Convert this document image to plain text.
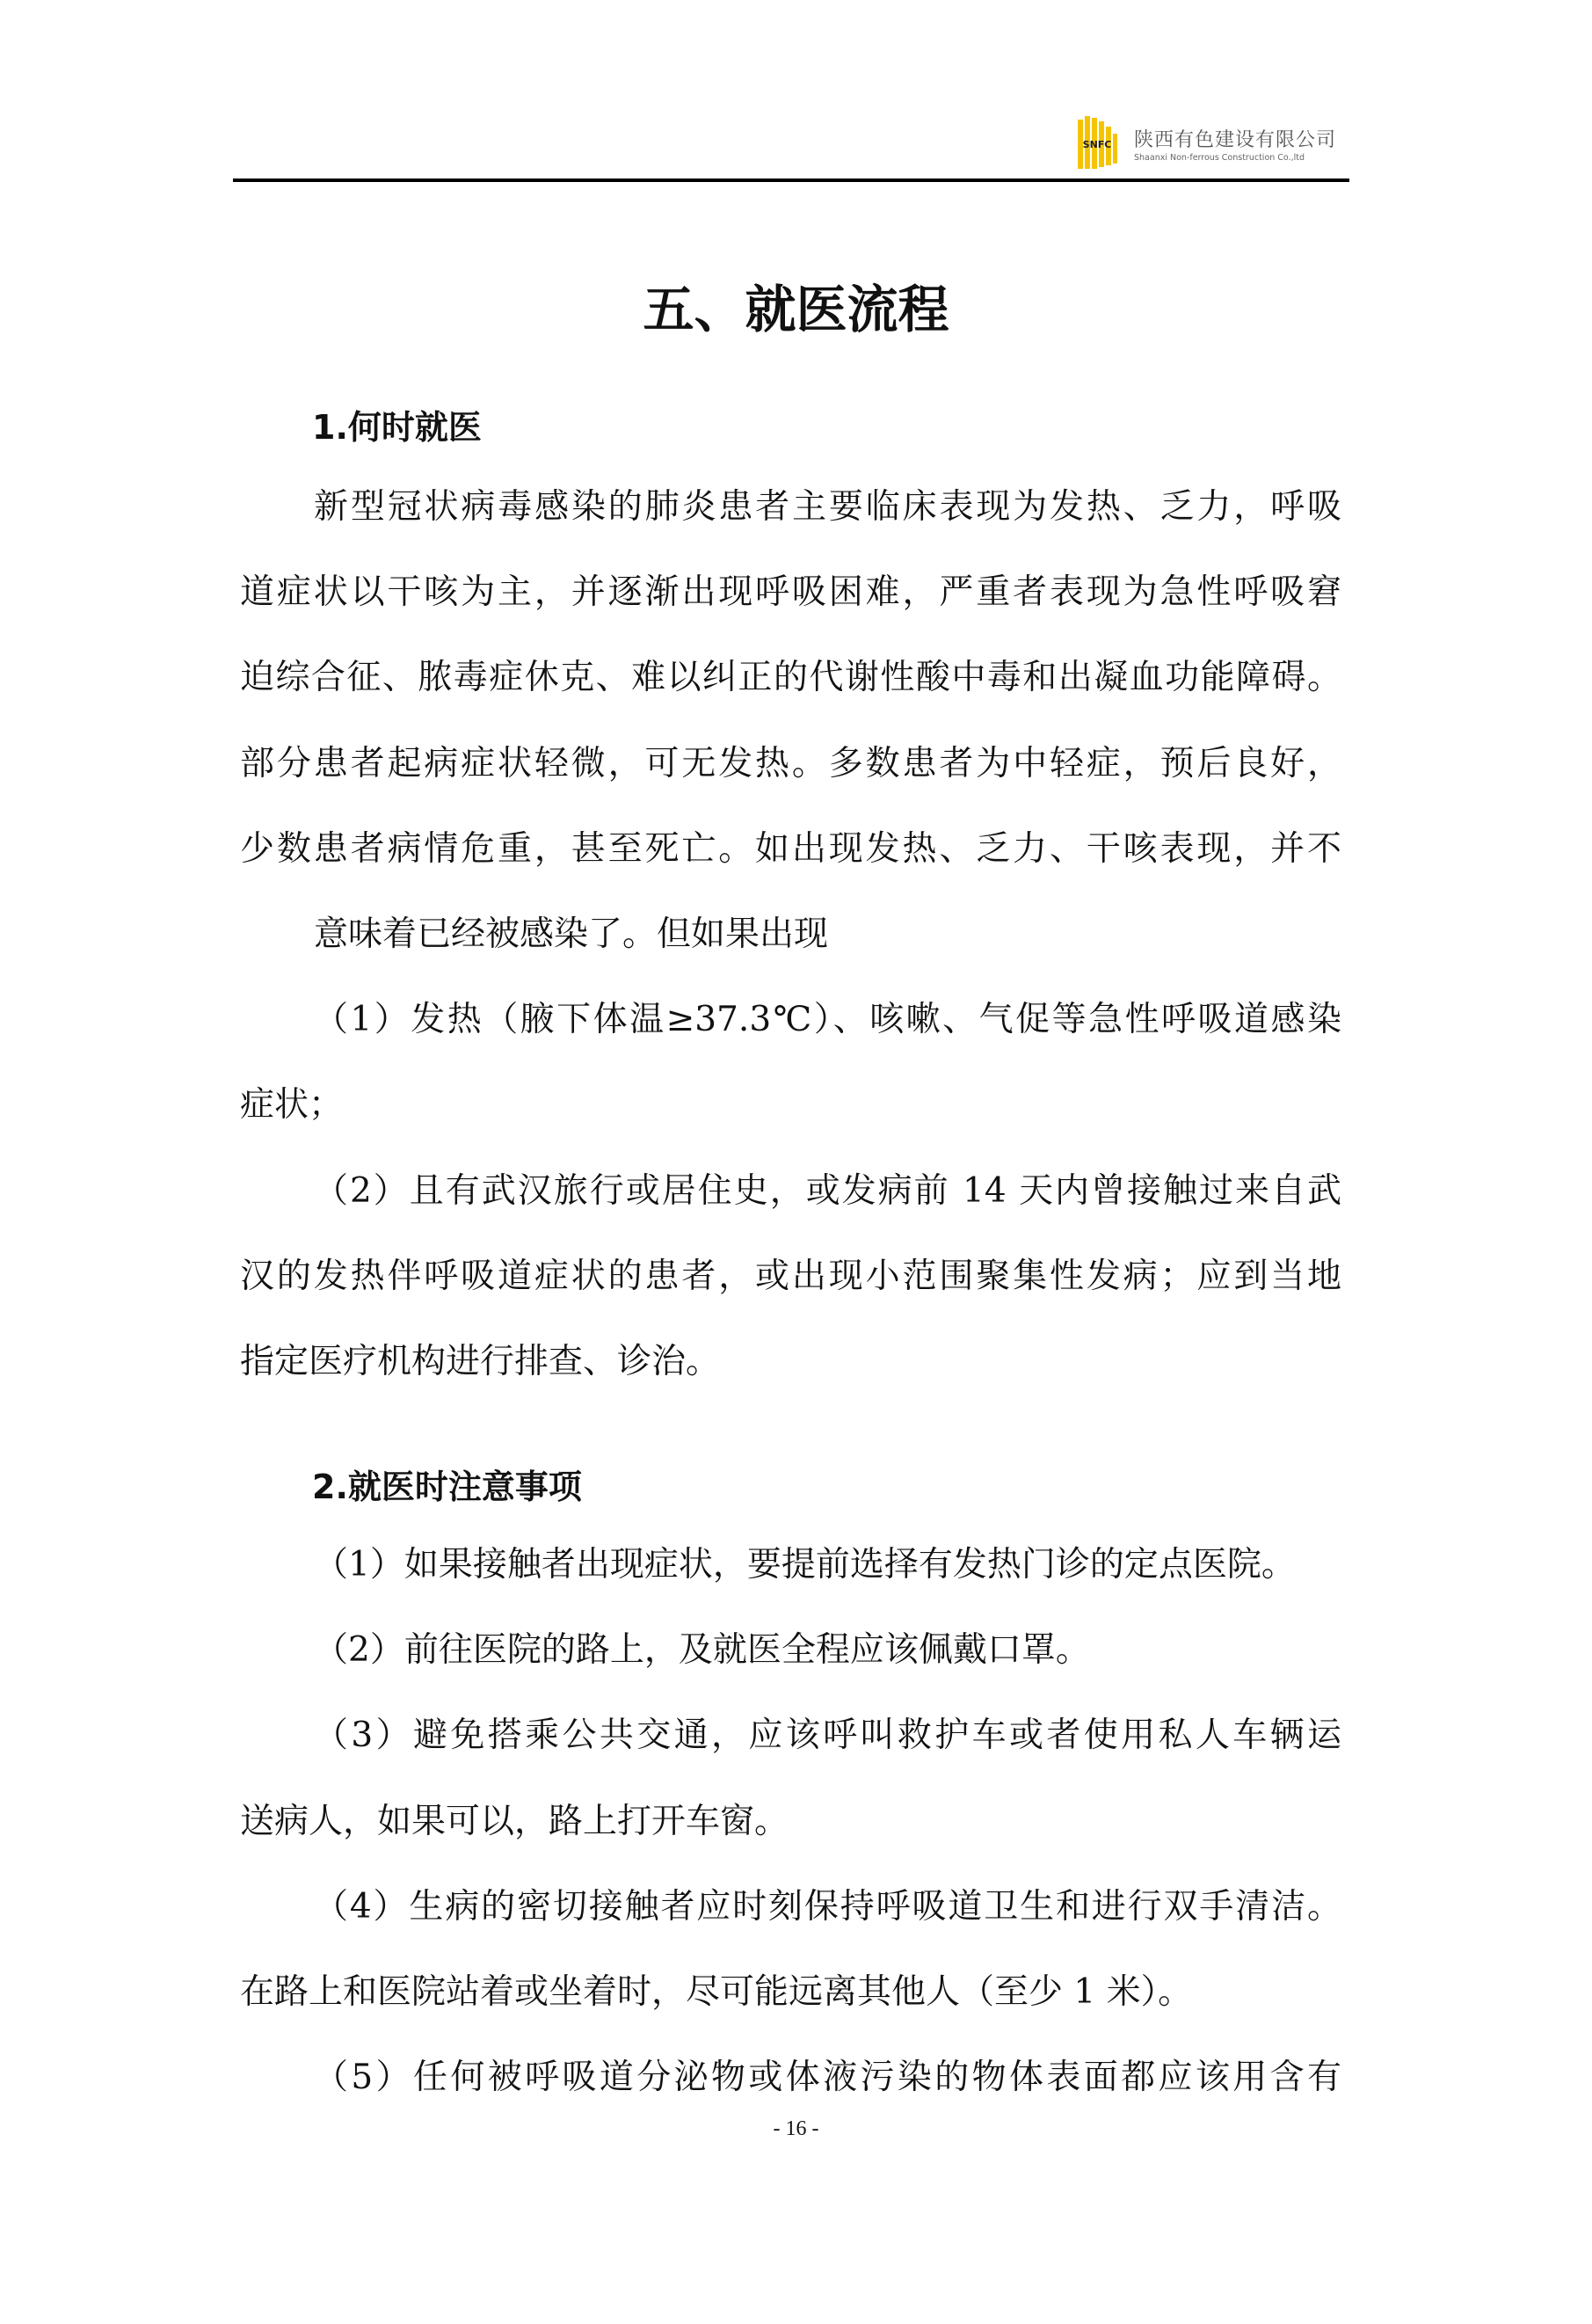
SNFC 陕西有色建设有限公司
Shaanxi Non-ferrous Construction Co.,ltd
五、就医流程
1.何时就医
新型冠状病毒感染的肺炎患者主要临床表现为发热、乏力，呼吸
道症状以干咳为主，并逐渐出现呼吸困难，严重者表现为急性呼吸窘
迫综合征、脓毒症休克、难以纠正的代谢性酸中毒和出凝血功能障碍。
部分患者起病症状轻微，可无发热。多数患者为中轻症，预后良好，
少数患者病情危重，甚至死亡。如出现发热、乏力、干咳表现，并不
意味着已经被感染了。但如果出现
（1）发热（腋下体温≥37.3℃）、咳嗽、气促等急性呼吸道感染
症状；
（2）且有武汉旅行或居住史，或发病前 14 天内曾接触过来自武
汉的发热伴呼吸道症状的患者，或出现小范围聚集性发病；应到当地
指定医疗机构进行排查、诊治。
2.就医时注意事项
（1）如果接触者出现症状，要提前选择有发热门诊的定点医院。
（2）前往医院的路上，及就医全程应该佩戴口罩。
（3）避免搭乘公共交通，应该呼叫救护车或者使用私人车辆运
送病人，如果可以，路上打开车窗。
（4）生病的密切接触者应时刻保持呼吸道卫生和进行双手清洁。
在路上和医院站着或坐着时，尽可能远离其他人（至少 1 米）。
（5）任何被呼吸道分泌物或体液污染的物体表面都应该用含有
- 16 -
